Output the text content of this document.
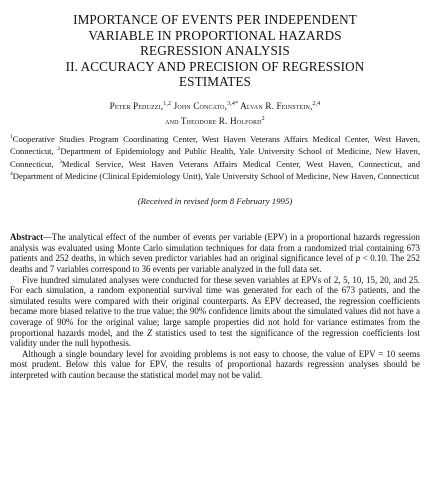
IMPORTANCE OF EVENTS PER INDEPENDENT
VARIABLE IN PROPORTIONAL HAZARDS
REGRESSION ANALYSIS
II. ACCURACY AND PRECISION OF REGRESSION
ESTIMATES
Peter Peduzzi,$^{1,2}$ John Concato,$^{3,4*}$ Alvan R. Feinstein,$^{2,4}$
and Theodore R. Holford$^2$
$^1$Cooperative Studies Program Coordinating Center, West Haven Veterans Affairs Medical Center, West Haven, Connecticut, $^2$Department of Epidemiology and Public Health, Yale University School of Medicine, New Haven, Connecticut, $^3$Medical Service, West Haven Veterans Affairs Medical Center, West Haven, Connecticut, and $^4$Department of Medicine (Clinical Epidemiology Unit), Yale University School of Medicine, New Haven, Connecticut
(Received in revised form 8 February 1995)

Abstract—The analytical effect of the number of events per variable (EPV) in a proportional hazards regression analysis was evaluated using Monte Carlo simulation techniques for data from a randomized trial containing 673 patients and 252 deaths, in which seven predictor variables had an original significance level of p < 0.10. The 252 deaths and 7 variables correspond to 36 events per variable analyzed in the full data set.

Five hundred simulated analyses were conducted for these seven variables at EPVs of 2, 5, 10, 15, 20, and 25. For each simulation, a random exponential survival time was generated for each of the 673 patients, and the simulated results were compared with their original counterparts. As EPV decreased, the regression coefficients became more biased relative to the true value; the 90% confidence limits about the simulated values did not have a coverage of 90% for the original value; large sample properties did not hold for variance estimates from the proportional hazards model, and the Z statistics used to test the significance of the regression coefficients lost validity under the null hypothesis.

Although a single boundary level for avoiding problems is not easy to choose, the value of EPV = 10 seems most prudent. Below this value for EPV, the results of proportional hazards regression analyses should be interpreted with caution because the statistical model may not be valid.
